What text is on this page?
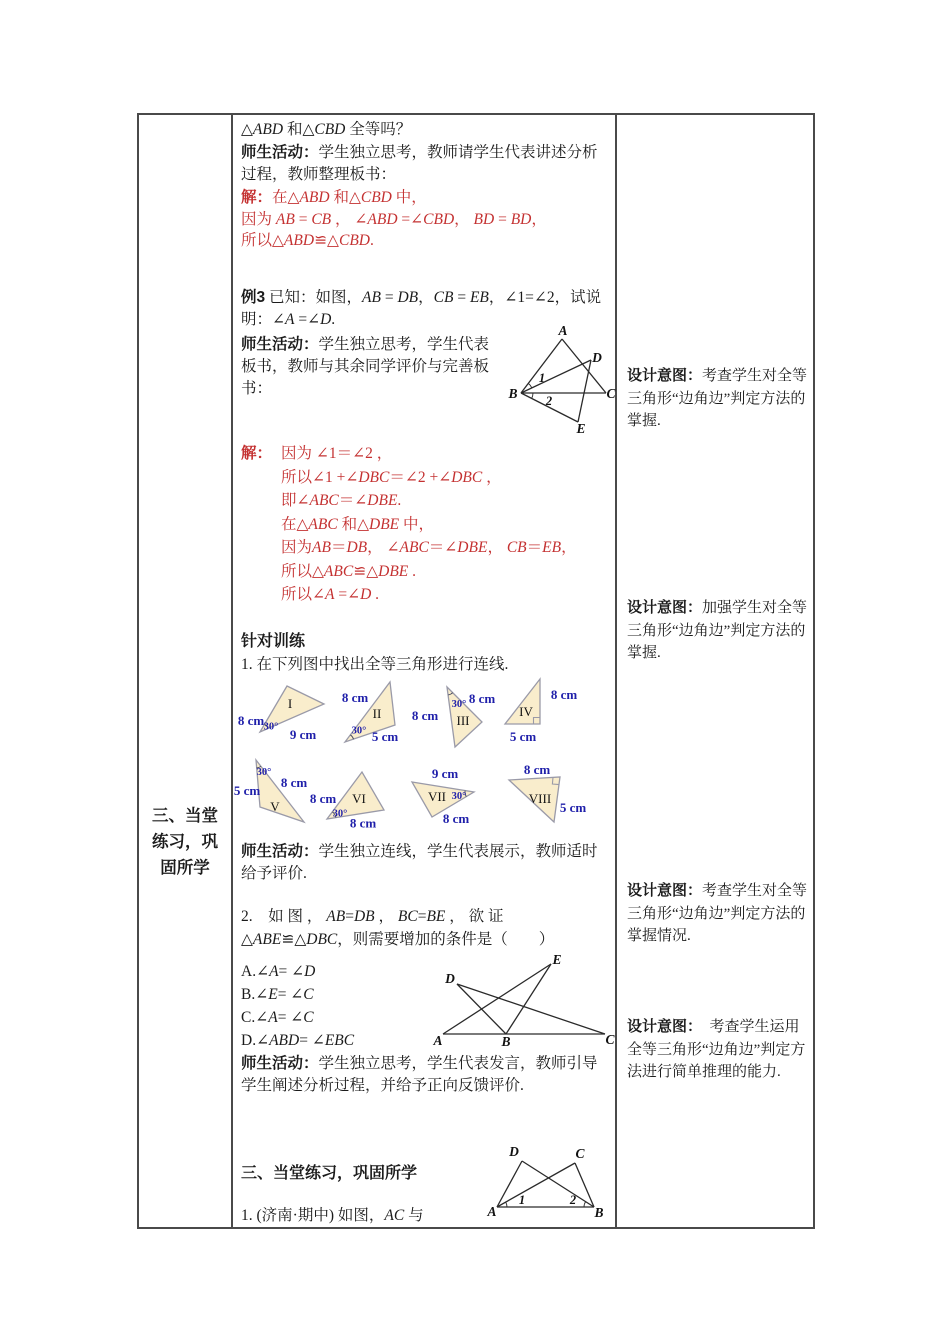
三、当堂练习，巩固所学
△ABD 和△CBD 全等吗？
师生活动：学生独立思考，教师请学生代表讲述分析过程，教师整理板书：
解：在△ABD 和△CBD 中，
因为 AB = CB ， ∠ABD =∠CBD， BD = BD，
所以△ABD≌△CBD.
例3 已知：如图，AB = DB，CB = EB，∠1=∠2，试说明：∠A =∠D.
师生活动：学生独立思考，学生代表板书，教师与其余同学评价与完善板书：
A
B	C
D
E
1
2
解： 因为 ∠1＝∠2 ，
所以∠1 +∠DBC＝∠2 +∠DBC ，
即∠ABC＝∠DBE.
在△ABC 和△DBE 中，
因为AB＝DB， ∠ABC＝∠DBE， CB＝EB，
所以△ABC≌△DBE .
所以∠A =∠D .
针对训练
1. 在下列图中找出全等三角形进行连线.
8 cm 30°
I
9 cm
8 cm
II
30° 5 cm
30° 8 cm
8 cm III
IV
8 cm
5 cm
30°
5 cm
8 cm
V
8 cm VI
30°
8 cm
9 cm
VII 30°
8 cm
8 cm
VIII
5 cm
师生活动：学生独立连线，学生代表展示，教师适时给予评价.
2.　如 图 ， AB=DB ， BC=BE ， 欲 证
△ABE≌△DBC，则需要增加的条件是（　　）
A.∠A= ∠D
B.∠E= ∠C
C.∠A= ∠C
D.∠ABD= ∠EBC	A	B	C
D
E
师生活动：学生独立思考，学生代表发言，教师引导学生阐述分析过程，并给予正向反馈评价.
三、当堂练习，巩固所学
1. (济南·期中) 如图，AC 与	A	B
C
D
1	2
设计意图：考查学生对全等三角形“边角边”判定方法的掌握.
设计意图：加强学生对全等三角形“边角边”判定方法的掌握.
设计意图：考查学生对全等三角形“边角边”判定方法的掌握情况.
设计意图：　考查学生运用全等三角形“边角边”判定方法进行简单推理的能力.
